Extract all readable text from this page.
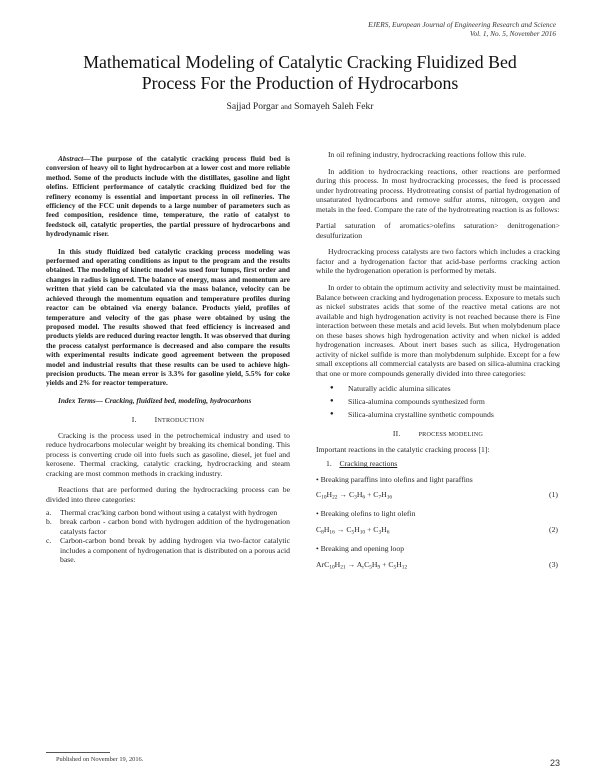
EJERS, European Journal of Engineering Research and Science
Vol. 1, No. 5, November 2016
Mathematical Modeling of Catalytic Cracking Fluidized Bed
Process For the Production of Hydrocarbons
Sajjad Porgar and Somayeh Saleh Fekr

Abstract—The purpose of the catalytic cracking process fluid bed is conversion of heavy oil to light hydrocarbon at a lower cost and more reliable method. Some of the products include with the distillates, gasoline and light olefins. Efficient performance of catalytic cracking fluidized bed for the refinery economy is essential and important process in oil refineries. The efficiency of the FCC unit depends to a large number of parameters such as feed composition, residence time, temperature, the ratio of catalyst to feedstock oil, catalytic properties, the partial pressure of hydrocarbons and hydrodynamic riser.

In this study fluidized bed catalytic cracking process modeling was performed and operating conditions as input to the program and the results obtained. The modeling of kinetic model was used four lumps, first order and changes in radius is ignored. The balance of energy, mass and momentum are written that yield can be calculated via the mass balance, velocity can be achieved through the momentum equation and temperature profiles during reactor can be obtained via energy balance. Products yield, profiles of temperature and velocity of the gas phase were obtained by using the proposed model. The results showed that feed efficiency is increased and products yields are reduced during reactor length. It was observed that during the process catalyst performance is decreased and also compare the results with experimental results indicate good agreement between the proposed model and industrial results that these results can be used to achieve high-precision products. The mean error is 3.3% for gasoline yield, 5.5% for coke yields and 2% for reactor temperature.

Index Terms— Cracking, fluidized bed, modeling, hydrocarbons

I. INTRODUCTION

Cracking is the process used in the petrochemical industry and used to reduce hydrocarbons molecular weight by breaking its chemical bonding. This process is converting crude oil into fuels such as gasoline, diesel, jet fuel and kerosene. Thermal cracking, catalytic cracking, hydrocracking and steam cracking are most common methods in cracking industry.

Reactions that are performed during the hydrocracking process can be divided into three categories:

a.	Thermal crac'king carbon bond without using a catalyst with hydrogen
b.	break carbon - carbon bond with hydrogen addition of the hydrogenation catalysts factor
c.	Carbon-carbon bond break by adding hydrogen via two-factor catalytic includes a component of hydrogenation that is distributed on a porous acid base.

In oil refining industry, hydrocracking reactions follow this rule.

In addition to hydrocracking reactions, other reactions are performed during this process. In most hydrocracking processes, the feed is processed under hydrotreating process. Hydrotreating consist of partial hydrogenation of unsaturated hydrocarbons and remove sulfur atoms, nitrogen, oxygen and metals in the feed. Compare the rate of the hydrotreating reaction is as follows:

Partial saturation of aromatics>olefins saturation> denitrogenation> desulfurization

Hydrocracking process catalysts are two factors which includes a cracking factor and a hydrogenation factor that acid-base performs cracking action while the hydrogenation operation is performed by metals.

In order to obtain the optimum activity and selectivity must be maintained. Balance between cracking and hydrogenation process. Exposure to metals such as nickel substrates acids that some of the reactive metal cations are not available and high hydrogenation activity is not reached because there is Fine interaction between these metals and acid levels. But when molybdenum place on these bases shows high hydrogenation activity and when nickel is added hydrogenation increases. About inert bases such as silica, Hydrogenation activity of nickel sulfide is more than molybdenum sulphide. Except for a few small exceptions all commercial catalysts are based on silica-alumina cracking that one or more compounds generally divided into three categories:

●	Naturally acidic alumina silicates
●	Silica-alumina compounds synthesized form
●	Silica-alumina crystalline synthetic compounds
II.	PROCESS MODELING

Important reactions in the catalytic cracking process [1]:

1. Cracking reactions
• Breaking paraffins into olefins and light paraffins
$C_{10}H_{22} \to C_3H_6 + C_7H_{16}$	(1)
• Breaking olefins to light olefin
$C_8H_{16} \to C_5H_{10} + C_3H_6$	(2)
• Breaking and opening loop
$ArC_{10}H_{21} \to A_rC_5H_9 + C_5H_{12}$	(3)
Published on November 19, 2016.	23
